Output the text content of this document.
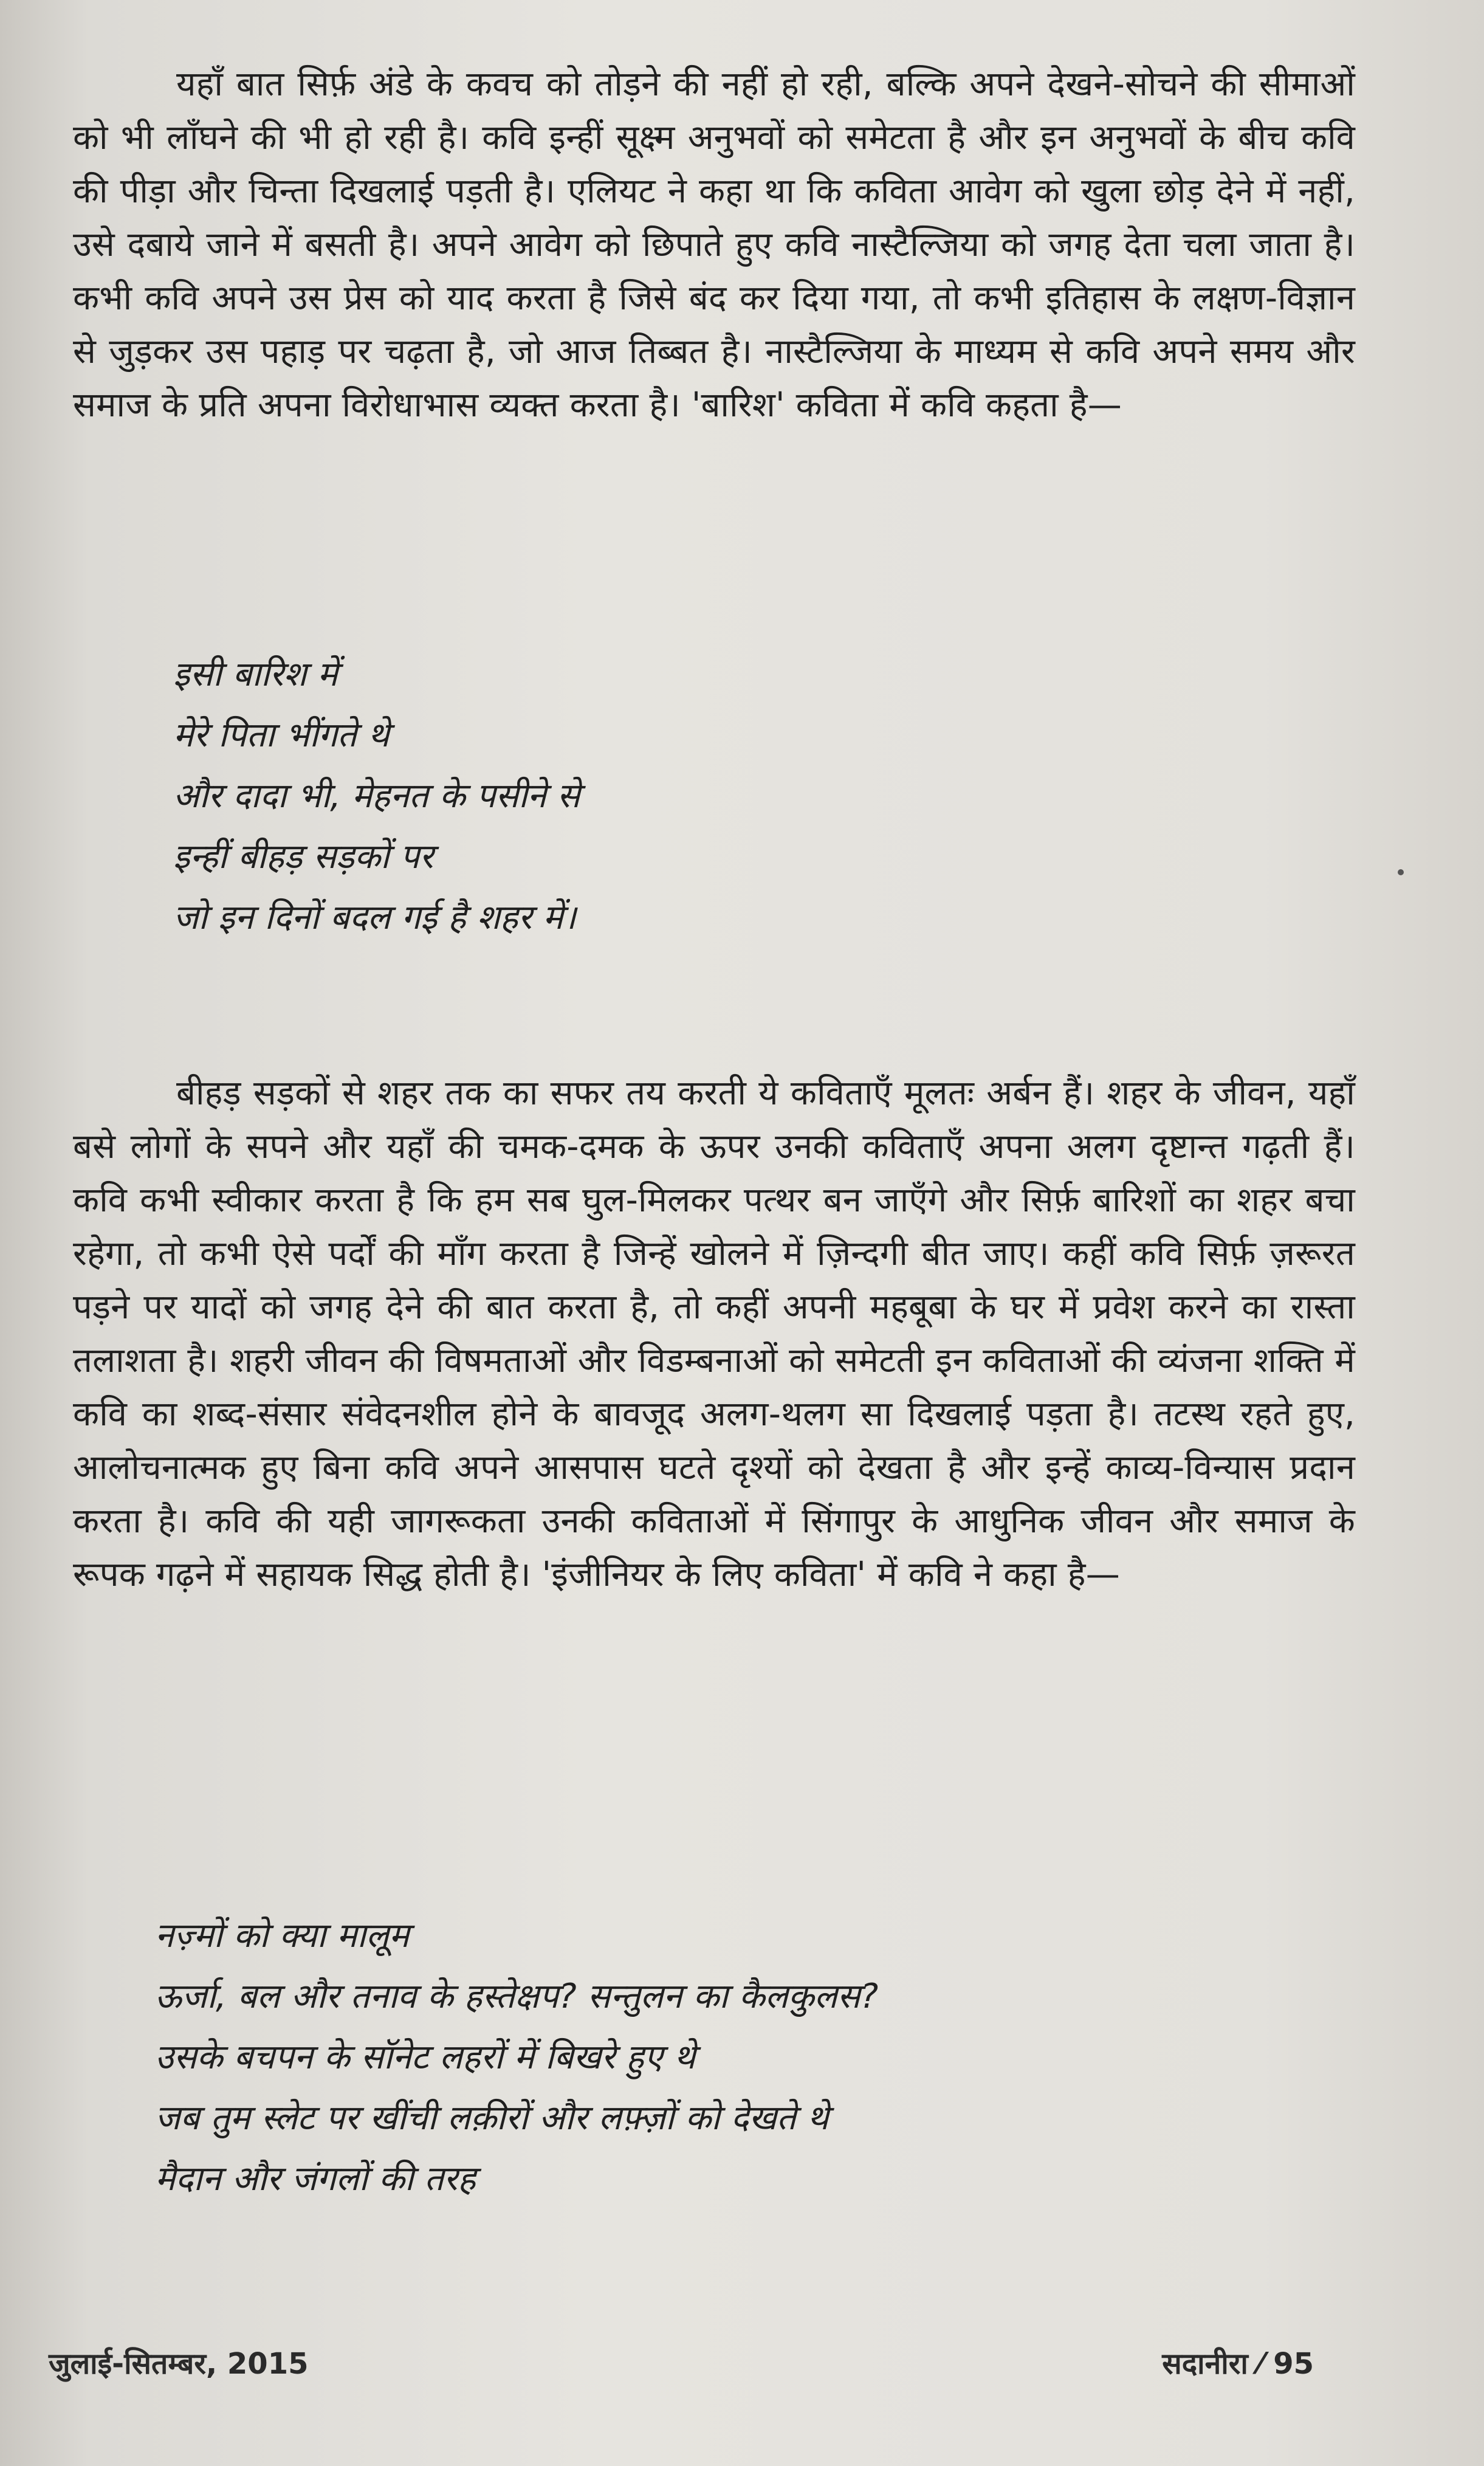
यहाँ बात सिर्फ़ अंडे के कवच को तोड़ने की नहीं हो रही, बल्कि अपने देखने-सोचने की सीमाओं को भी लाँघने की भी हो रही है। कवि इन्हीं सूक्ष्म अनुभवों को समेटता है और इन अनुभवों के बीच कवि की पीड़ा और चिन्ता दिखलाई पड़ती है। एलियट ने कहा था कि कविता आवेग को खुला छोड़ देने में नहीं, उसे दबाये जाने में बसती है। अपने आवेग को छिपाते हुए कवि नास्टैल्जिया को जगह देता चला जाता है। कभी कवि अपने उस प्रेस को याद करता है जिसे बंद कर दिया गया, तो कभी इतिहास के लक्षण-विज्ञान से जुड़कर उस पहाड़ पर चढ़ता है, जो आज तिब्बत है। नास्टैल्जिया के माध्यम से कवि अपने समय और समाज के प्रति अपना विरोधाभास व्यक्त करता है। 'बारिश' कविता में कवि कहता है—

इसी बारिश में
मेरे पिता भींगते थे
और दादा भी, मेहनत के पसीने से
इन्हीं बीहड़ सड़कों पर
जो इन दिनों बदल गई है शहर में।

बीहड़ सड़कों से शहर तक का सफर तय करती ये कविताएँ मूलतः अर्बन हैं। शहर के जीवन, यहाँ बसे लोगों के सपने और यहाँ की चमक-दमक के ऊपर उनकी कविताएँ अपना अलग दृष्टान्त गढ़ती हैं। कवि कभी स्वीकार करता है कि हम सब घुल-मिलकर पत्थर बन जाएँगे और सिर्फ़ बारिशों का शहर बचा रहेगा, तो कभी ऐसे पर्दों की माँग करता है जिन्हें खोलने में ज़िन्दगी बीत जाए। कहीं कवि सिर्फ़ ज़रूरत पड़ने पर यादों को जगह देने की बात करता है, तो कहीं अपनी महबूबा के घर में प्रवेश करने का रास्ता तलाशता है। शहरी जीवन की विषमताओं और विडम्बनाओं को समेटती इन कविताओं की व्यंजना शक्ति में कवि का शब्द-संसार संवेदनशील होने के बावजूद अलग-थलग सा दिखलाई पड़ता है। तटस्थ रहते हुए, आलोचनात्मक हुए बिना कवि अपने आसपास घटते दृश्यों को देखता है और इन्हें काव्य-विन्यास प्रदान करता है। कवि की यही जागरूकता उनकी कविताओं में सिंगापुर के आधुनिक जीवन और समाज के रूपक गढ़ने में सहायक सिद्ध होती है। 'इंजीनियर के लिए कविता' में कवि ने कहा है—

नज़्मों को क्या मालूम
ऊर्जा, बल और तनाव के हस्तेक्षप? सन्तुलन का कैलकुलस?
उसके बचपन के सॉनेट लहरों में बिखरे हुए थे
जब तुम स्लेट पर खींची लक़ीरों और लफ़्ज़ों को देखते थे
मैदान और जंगलों की तरह
जुलाई-सितम्बर, 2015	सदानीरा ⁄ 95
